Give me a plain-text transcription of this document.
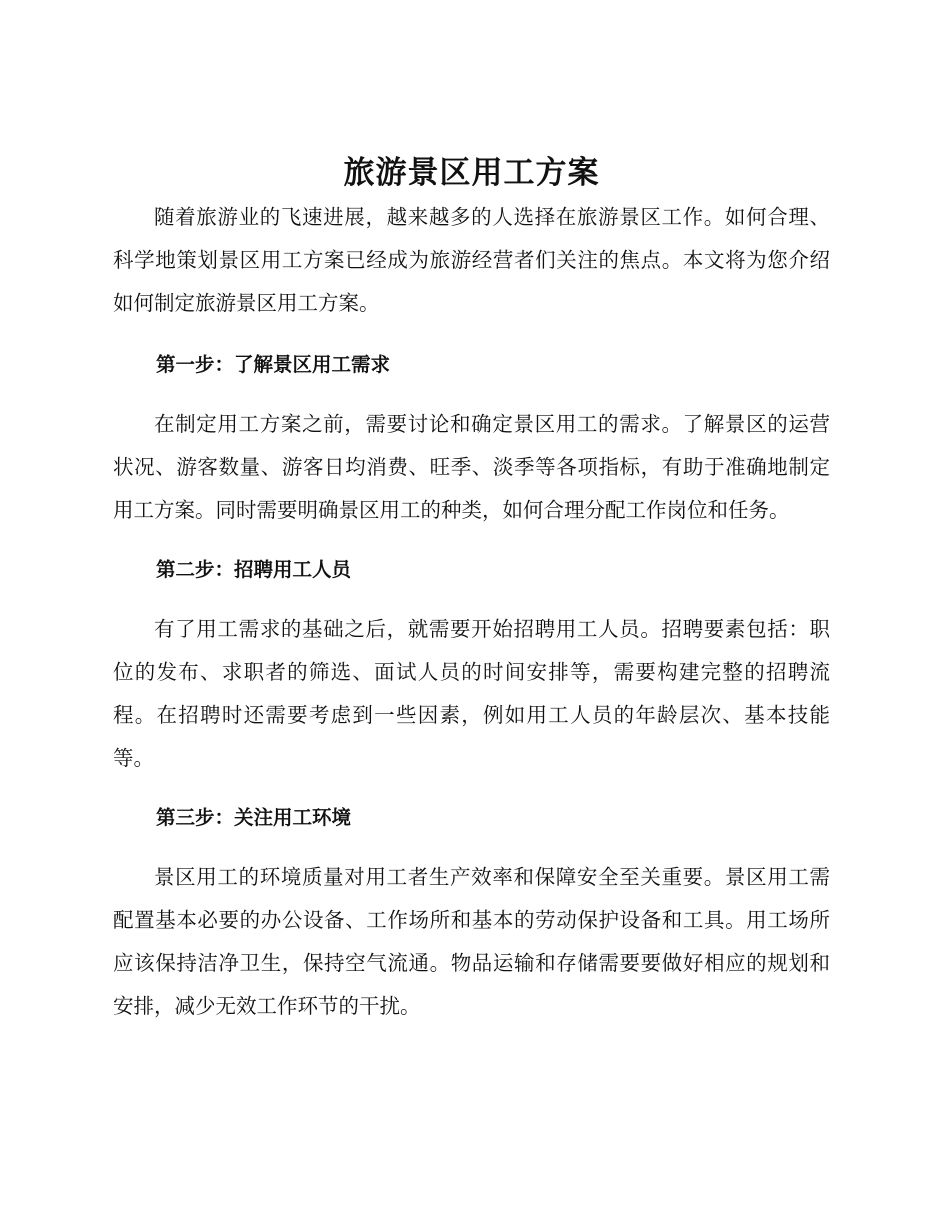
旅游景区用工方案

随着旅游业的飞速进展，越来越多的人选择在旅游景区工作。如何合理、科学地策划景区用工方案已经成为旅游经营者们关注的焦点。本文将为您介绍如何制定旅游景区用工方案。

第一步：了解景区用工需求

在制定用工方案之前，需要讨论和确定景区用工的需求。了解景区的运营状况、游客数量、游客日均消费、旺季、淡季等各项指标，有助于准确地制定用工方案。同时需要明确景区用工的种类，如何合理分配工作岗位和任务。

第二步：招聘用工人员

有了用工需求的基础之后，就需要开始招聘用工人员。招聘要素包括：职位的发布、求职者的筛选、面试人员的时间安排等，需要构建完整的招聘流程。在招聘时还需要考虑到一些因素，例如用工人员的年龄层次、基本技能等。

第三步：关注用工环境

景区用工的环境质量对用工者生产效率和保障安全至关重要。景区用工需配置基本必要的办公设备、工作场所和基本的劳动保护设备和工具。用工场所应该保持洁净卫生，保持空气流通。物品运输和存储需要要做好相应的规划和安排，减少无效工作环节的干扰。
